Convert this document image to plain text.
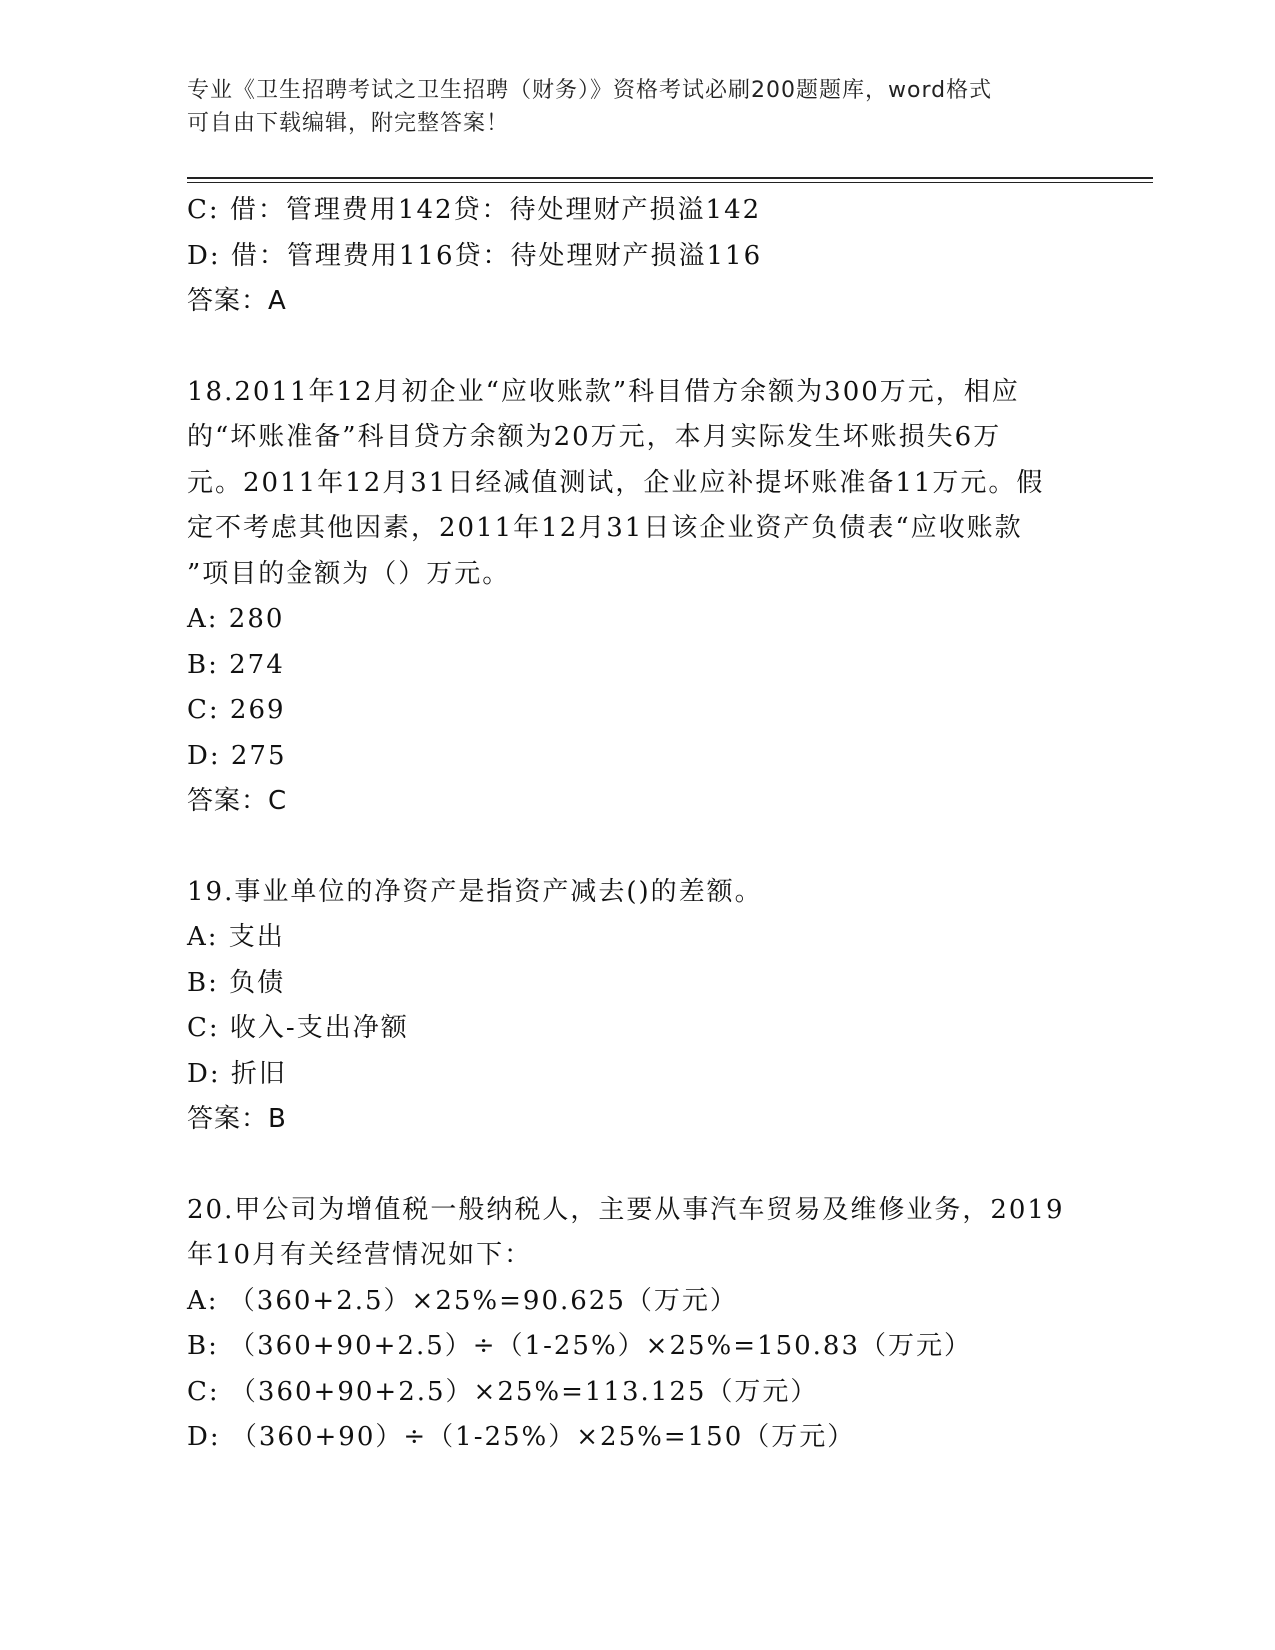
专业《卫生招聘考试之卫生招聘（财务）》资格考试必刷200题题库，word格式
可自由下载编辑，附完整答案！
C: 借：管理费用142贷：待处理财产损溢142
D: 借：管理费用116贷：待处理财产损溢116
答案：A
18.2011年12月初企业“应收账款”科目借方余额为300万元，相应
的“坏账准备”科目贷方余额为20万元，本月实际发生坏账损失6万
元。2011年12月31日经减值测试，企业应补提坏账准备11万元。假
定不考虑其他因素，2011年12月31日该企业资产负债表“应收账款
”项目的金额为（）万元。
A: 280
B: 274
C: 269
D: 275
答案：C
19.事业单位的净资产是指资产减去()的差额。
A: 支出
B: 负债
C: 收入-支出净额
D: 折旧
答案：B
20.甲公司为增值税一般纳税人，主要从事汽车贸易及维修业务，2019
年10月有关经营情况如下：
A: （360+2.5）×25%=90.625（万元）
B: （360+90+2.5）÷（1-25%）×25%=150.83（万元）
C: （360+90+2.5）×25%=113.125（万元）
D: （360+90）÷（1-25%）×25%=150（万元）
